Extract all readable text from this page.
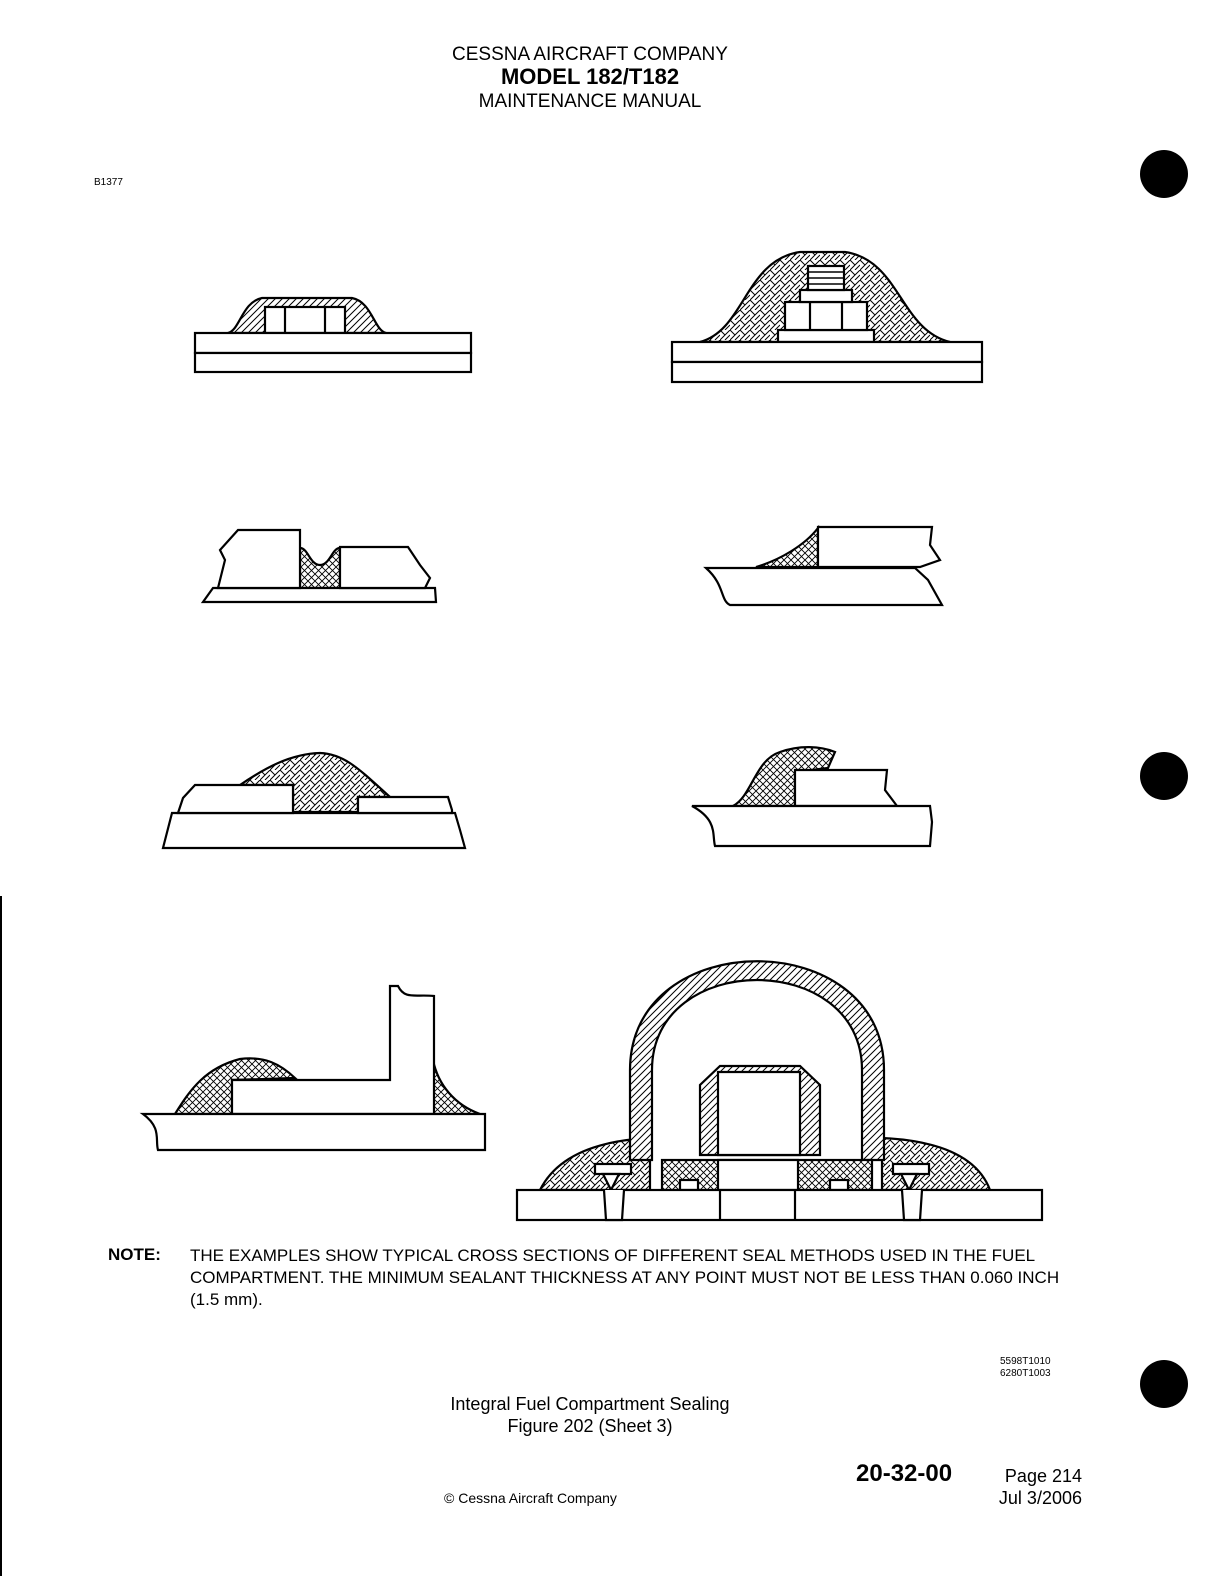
CESSNA AIRCRAFT COMPANY
MODEL 182/T182
MAINTENANCE MANUAL
B1377
NOTE: THE EXAMPLES SHOW TYPICAL CROSS SECTIONS OF DIFFERENT SEAL METHODS USED IN THE FUEL COMPARTMENT. THE MINIMUM SEALANT THICKNESS AT ANY POINT MUST NOT BE LESS THAN 0.060 INCH (1.5 mm).
5598T1010
6280T1003
Integral Fuel Compartment Sealing
Figure 202 (Sheet 3)
20-32-00	Page 214
Jul 3/2006
© Cessna Aircraft Company
